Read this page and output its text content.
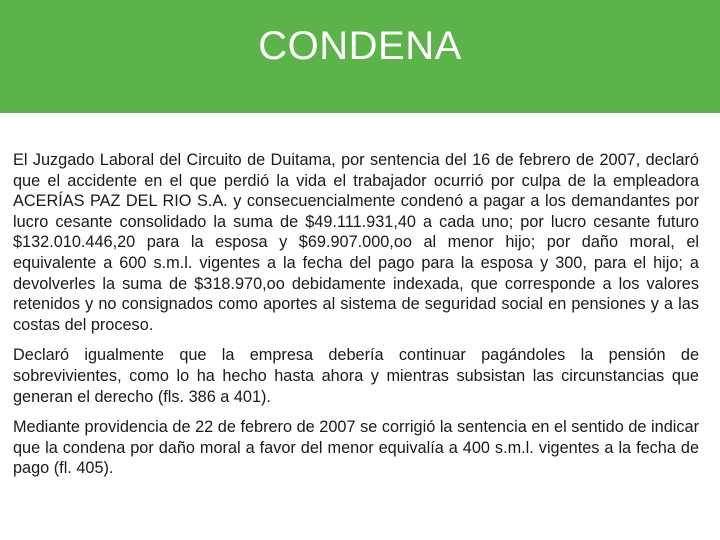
CONDENA

El Juzgado Laboral del Circuito de Duitama, por sentencia del 16 de febrero de 2007, declaró que el accidente en el que perdió la vida el trabajador ocurrió por culpa de la empleadora ACERÍAS PAZ DEL RIO S.A. y consecuencialmente condenó a pagar a los demandantes por lucro cesante consolidado la suma de $49.111.931,40 a cada uno; por lucro cesante futuro $132.010.446,20 para la esposa y $69.907.000,oo al menor hijo; por daño moral, el equivalente a 600 s.m.l. vigentes a la fecha del pago para la esposa y 300, para el hijo; a devolverles la suma de $318.970,oo debidamente indexada, que corresponde a los valores retenidos y no consignados como aportes al sistema de seguridad social en pensiones y a las costas del proceso.

Declaró igualmente que la empresa debería continuar pagándoles la pensión de sobrevivientes, como lo ha hecho hasta ahora y mientras subsistan las circunstancias que generan el derecho (fls. 386 a 401).

Mediante providencia de 22 de febrero de 2007 se corrigió la sentencia en el sentido de indicar que la condena por daño moral a favor del menor equivalía a 400 s.m.l. vigentes a la fecha de pago (fl. 405).
